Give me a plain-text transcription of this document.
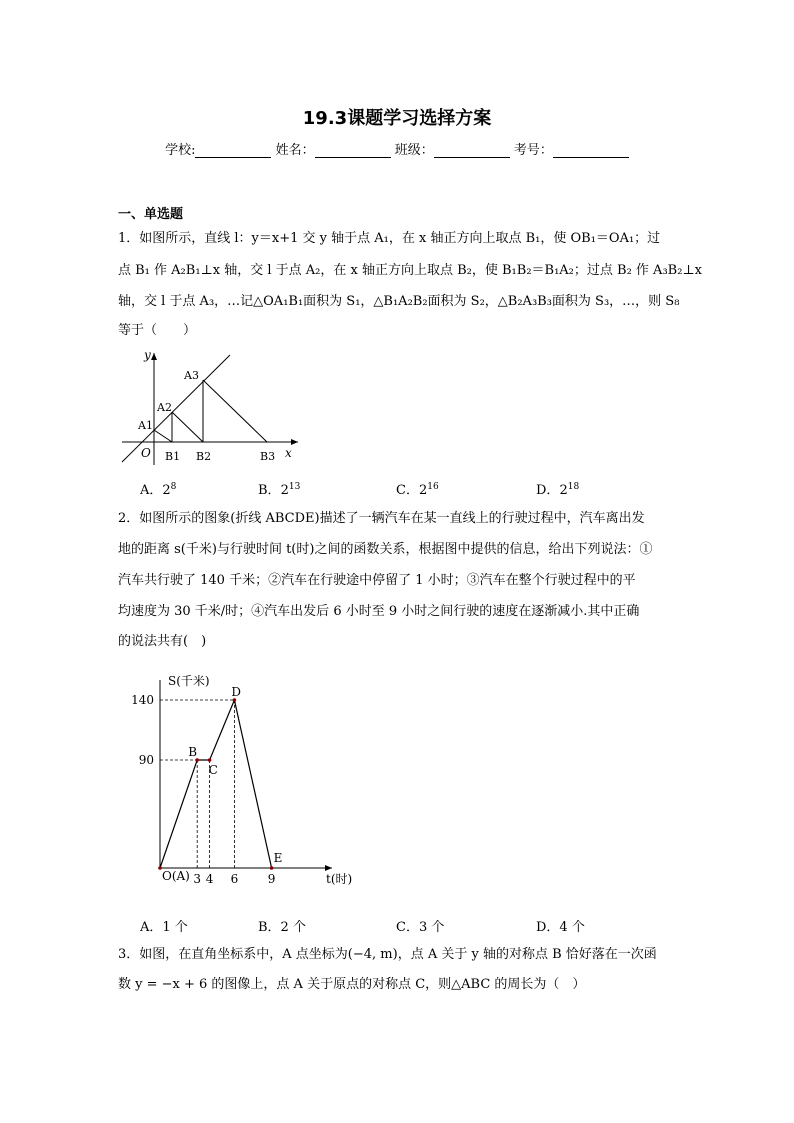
19.3课题学习选择方案
学校:	姓名：	班级：	考号：
一、单选题
1．如图所示，直线 l：y＝x+1 交 y 轴于点 A₁，在 x 轴正方向上取点 B₁，使 OB₁＝OA₁；过
点 B₁ 作 A₂B₁⊥x 轴，交 l 于点 A₂，在 x 轴正方向上取点 B₂，使 B₁B₂＝B₁A₂；过点 B₂ 作 A₃B₂⊥x
轴，交 l 于点 A₃，…记△OA₁B₁面积为 S₁，△B₁A₂B₂面积为 S₂，△B₂A₃B₃面积为 S₃，…，则 S₈
等于（　　）
y
A3
A2
A1
O B1 B2	B3 x
A．$2^8$	B．$2^{13}$	C．$2^{16}$	D．$2^{18}$
2．如图所示的图象(折线 ABCDE)描述了一辆汽车在某一直线上的行驶过程中，汽车离出发
地的距离 s(千米)与行驶时间 t(时)之间的函数关系，根据图中提供的信息，给出下列说法：①
汽车共行驶了 140 千米；②汽车在行驶途中停留了 1 小时；③汽车在整个行驶过程中的平
均速度为 30 千米/时；④汽车出发后 6 小时至 9 小时之间行驶的速度在逐渐减小.其中正确
的说法共有(　)
S(千米)
t(时)
O(A)
B
C
D
E
3 4 6 9
90
140
A．1 个	B．2 个	C．3 个	D．4 个
3．如图，在直角坐标系中，A 点坐标为(−4, m)，点 A 关于 y 轴的对称点 B 恰好落在一次函
数 y = −x + 6 的图像上，点 A 关于原点的对称点 C，则△ABC 的周长为（　）
